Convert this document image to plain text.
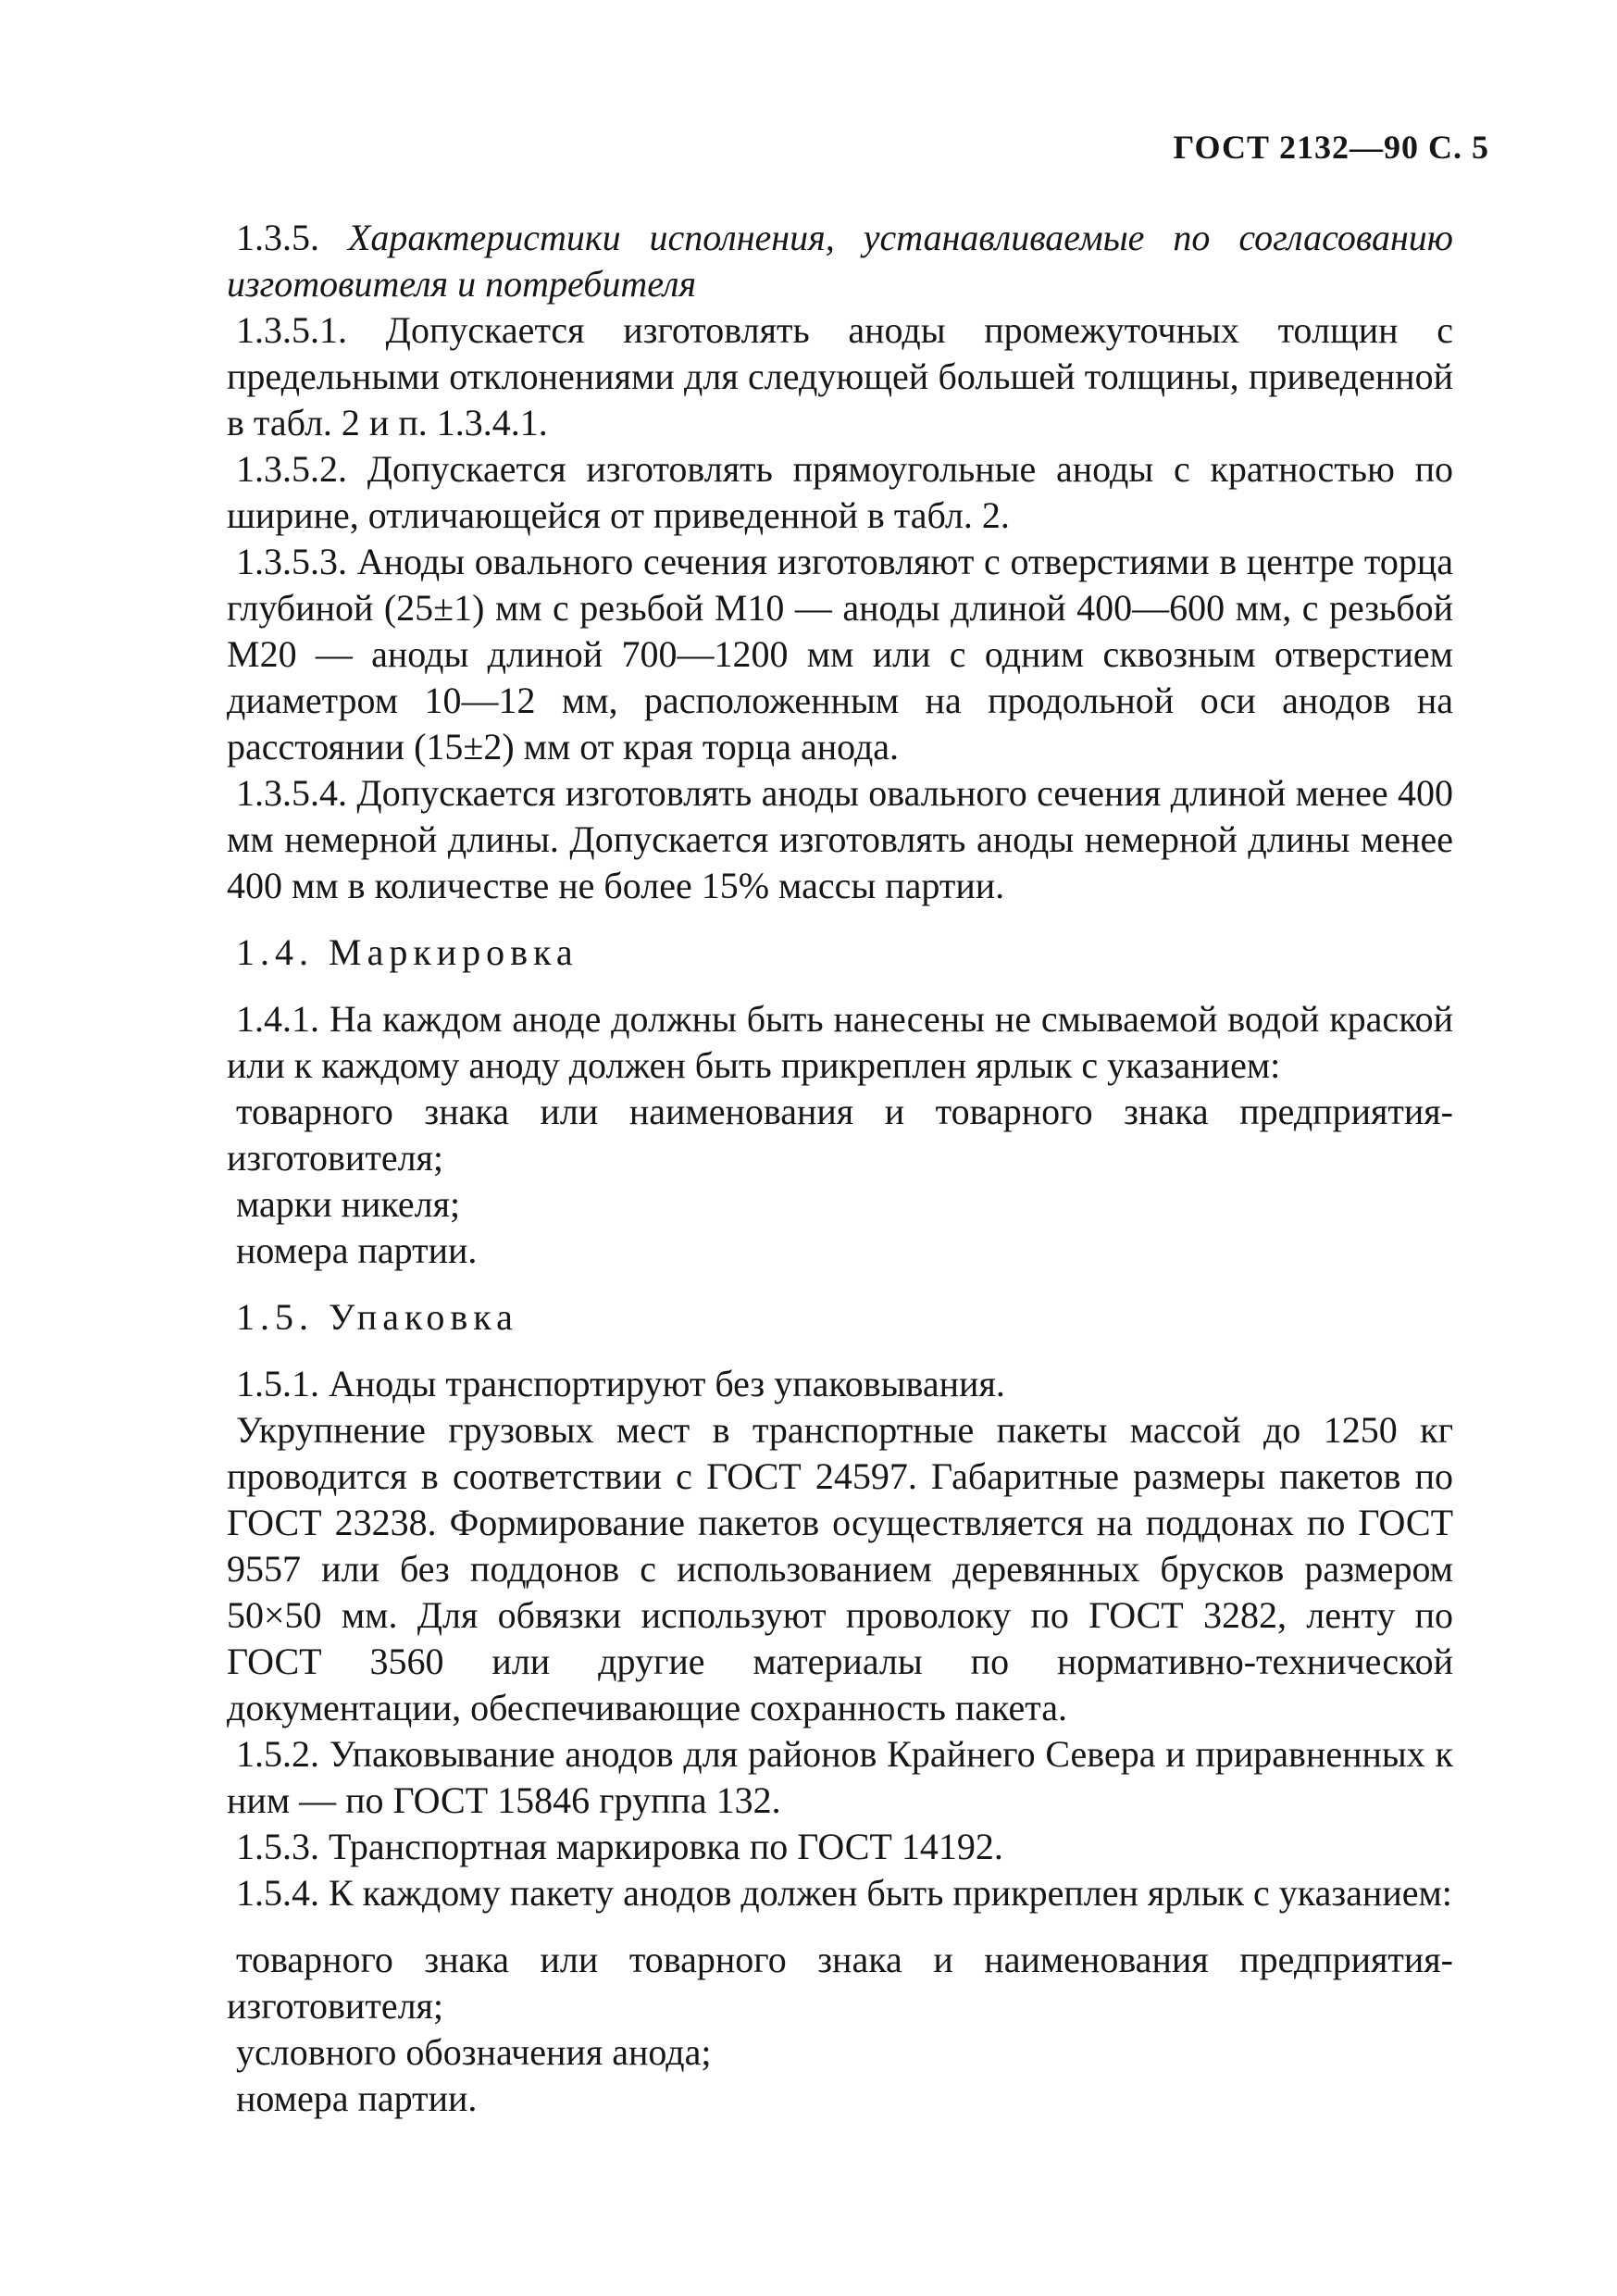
ГОСТ 2132—90 С. 5

1.3.5. Характеристики исполнения, устанавливаемые по согласованию изготовителя и потребителя

1.3.5.1. Допускается изготовлять аноды промежуточных толщин с предельными отклонениями для следующей большей толщины, приведенной в табл. 2 и п. 1.3.4.1.

1.3.5.2. Допускается изготовлять прямоугольные аноды с кратностью по ширине, отличающейся от приведенной в табл. 2.

1.3.5.3. Аноды овального сечения изготовляют с отверстиями в центре торца глубиной (25±1) мм с резьбой М10 — аноды длиной 400—600 мм, с резьбой М20 — аноды длиной 700—1200 мм или с одним сквозным отверстием диаметром 10—12 мм, расположенным на продольной оси анодов на расстоянии (15±2) мм от края торца анода.

1.3.5.4. Допускается изготовлять аноды овального сечения длиной менее 400 мм немерной длины. Допускается изготовлять аноды немерной длины менее 400 мм в количестве не более 15% массы партии.

1.4. Маркировка

1.4.1. На каждом аноде должны быть нанесены не смываемой водой краской или к каждому аноду должен быть прикреплен ярлык с указанием:

товарного знака или наименования и товарного знака предприятия-изготовителя;

марки никеля;

номера партии.

1.5. Упаковка

1.5.1. Аноды транспортируют без упаковывания.

Укрупнение грузовых мест в транспортные пакеты массой до 1250 кг проводится в соответствии с ГОСТ 24597. Габаритные размеры пакетов по ГОСТ 23238. Формирование пакетов осуществляется на поддонах по ГОСТ 9557 или без поддонов с использованием деревянных брусков размером 50×50 мм. Для обвязки используют проволоку по ГОСТ 3282, ленту по ГОСТ 3560 или другие материалы по нормативно-технической документации, обеспечивающие сохранность пакета.

1.5.2. Упаковывание анодов для районов Крайнего Севера и приравненных к ним — по ГОСТ 15846 группа 132.

1.5.3. Транспортная маркировка по ГОСТ 14192.

1.5.4. К каждому пакету анодов должен быть прикреплен ярлык с указанием:

товарного знака или товарного знака и наименования предприятия-изготовителя;

условного обозначения анода;

номера партии.
